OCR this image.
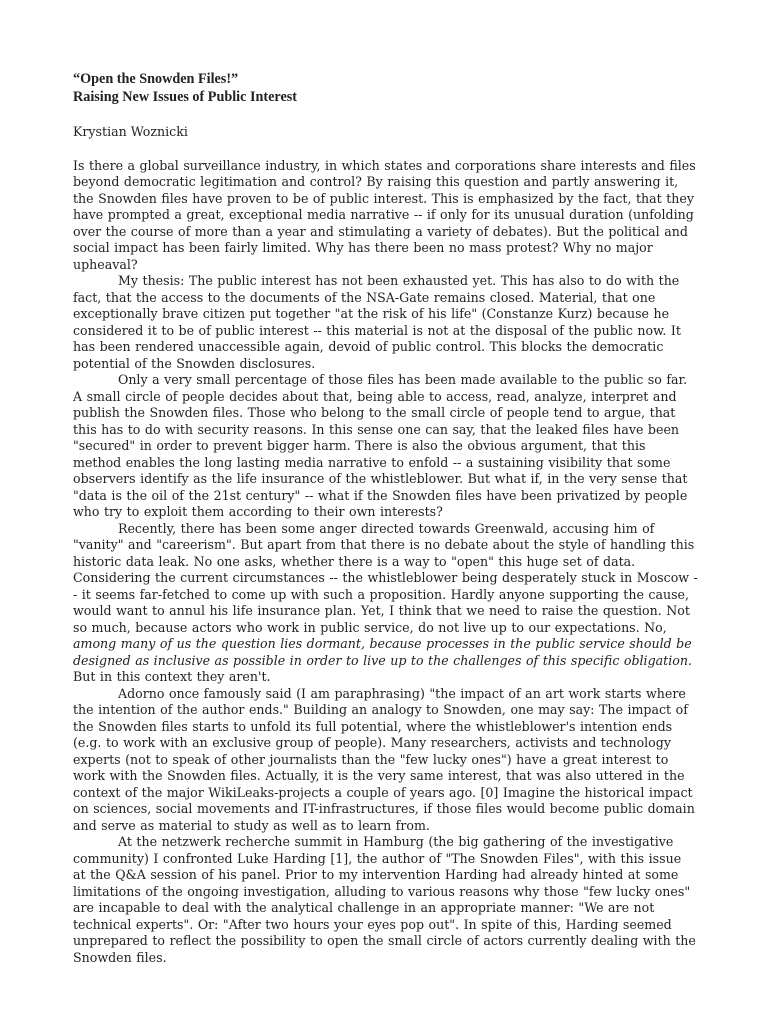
“Open the Snowden Files!”
Raising New Issues of Public Interest

Krystian Woznicki

Is there a global surveillance industry, in which states and corporations share interests and files beyond democratic legitimation and control? By raising this question and partly answering it, the Snowden files have proven to be of public interest. This is emphasized by the fact, that they have prompted a great, exceptional media narrative -- if only for its unusual duration (unfolding over the course of more than a year and stimulating a variety of debates). But the political and social impact has been fairly limited. Why has there been no mass protest? Why no major upheaval?

My thesis: The public interest has not been exhausted yet. This has also to do with the fact, that the access to the documents of the NSA-Gate remains closed. Material, that one exceptionally brave citizen put together "at the risk of his life" (Constanze Kurz) because he considered it to be of public interest -- this material is not at the disposal of the public now. It has been rendered unaccessible again, devoid of public control. This blocks the democratic potential of the Snowden disclosures.

Only a very small percentage of those files has been made available to the public so far. A small circle of people decides about that, being able to access, read, analyze, interpret and publish the Snowden files. Those who belong to the small circle of people tend to argue, that this has to do with security reasons. In this sense one can say, that the leaked files have been "secured" in order to prevent bigger harm. There is also the obvious argument, that this method enables the long lasting media narrative to enfold -- a sustaining visibility that some observers identify as the life insurance of the whistleblower. But what if, in the very sense that "data is the oil of the 21st century" -- what if the Snowden files have been privatized by people who try to exploit them according to their own interests?

Recently, there has been some anger directed towards Greenwald, accusing him of "vanity" and "careerism". But apart from that there is no debate about the style of handling this historic data leak. No one asks, whether there is a way to "open" this huge set of data. Considering the current circumstances -- the whistleblower being desperately stuck in Moscow -- it seems far-fetched to come up with such a proposition. Hardly anyone supporting the cause, would want to annul his life insurance plan. Yet, I think that we need to raise the question. Not so much, because actors who work in public service, do not live up to our expectations. No, among many of us the question lies dormant, because processes in the public service should be designed as inclusive as possible in order to live up to the challenges of this specific obligation. But in this context they aren't.

Adorno once famously said (I am paraphrasing) "the impact of an art work starts where the intention of the author ends." Building an analogy to Snowden, one may say: The impact of the Snowden files starts to unfold its full potential, where the whistleblower's intention ends (e.g. to work with an exclusive group of people). Many researchers, activists and technology experts (not to speak of other journalists than the "few lucky ones") have a great interest to work with the Snowden files. Actually, it is the very same interest, that was also uttered in the context of the major WikiLeaks-projects a couple of years ago. [0] Imagine the historical impact on sciences, social movements and IT-infrastructures, if those files would become public domain and serve as material to study as well as to learn from.

At the netzwerk recherche summit in Hamburg (the big gathering of the investigative community) I confronted Luke Harding [1], the author of "The Snowden Files", with this issue at the Q&A session of his panel. Prior to my intervention Harding had already hinted at some limitations of the ongoing investigation, alluding to various reasons why those "few lucky ones" are incapable to deal with the analytical challenge in an appropriate manner: "We are not technical experts". Or: "After two hours your eyes pop out". In spite of this, Harding seemed unprepared to reflect the possibility to open the small circle of actors currently dealing with the Snowden files.
